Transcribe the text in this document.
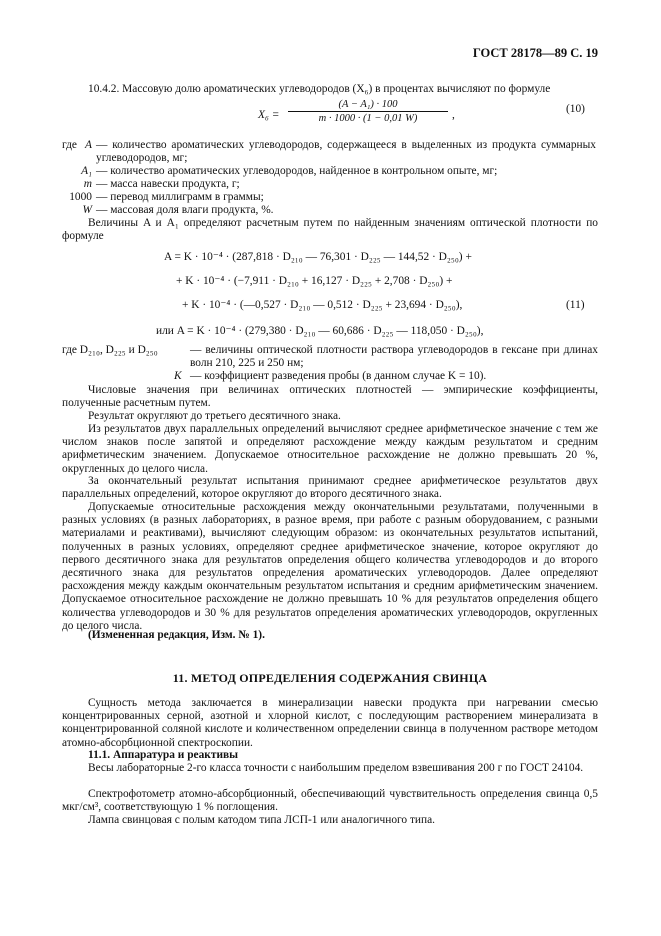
ГОСТ 28178—89 С. 19
10.4.2. Массовую долю ароматических углеводородов (X₆) в процентах вычисляют по формуле
X₆ =
(A − A₁) · 100
m · 1000 · (1 − 0,01 W)	,	(10)
где A — количество ароматических углеводородов, содержащееся в выделенных из продукта суммарных углеводородов, мг;
A₁ — количество ароматических углеводородов, найденное в контрольном опыте, мг;
m — масса навески продукта, г;
1000 — перевод миллиграмм в граммы;
W — массовая доля влаги продукта, %.
Величины A и A₁ определяют расчетным путем по найденным значениям оптической плотности по формуле
A = K · 10⁻⁴ · (287,818 · D₂₁₀ — 76,301 · D₂₂₅ — 144,52 · D₂₅₀) +
+ K · 10⁻⁴ · (−7,911 · D₂₁₀ + 16,127 · D₂₂₅ + 2,708 · D₂₅₀) +
+ K · 10⁻⁴ · (—0,527 · D₂₁₀ — 0,512 · D₂₂₅ + 23,694 · D₂₅₀),	(11)
или A = K · 10⁻⁴ · (279,380 · D₂₁₀ — 60,686 · D₂₂₅ — 118,050 · D₂₅₀),
где D₂₁₀, D₂₂₅ и D₂₅₀	— величины оптической плотности раствора углеводородов в гексане при длинах волн 210, 225 и 250 нм;
K — коэффициент разведения пробы (в данном случае K = 10).
Числовые значения при величинах оптических плотностей — эмпирические коэффициенты, полученные расчетным путем.
Результат округляют до третьего десятичного знака.
Из результатов двух параллельных определений вычисляют среднее арифметическое значение с тем же числом знаков после запятой и определяют расхождение между каждым результатом и средним арифметическим значением. Допускаемое относительное расхождение не должно превышать 20 %, округленных до целого числа.
За окончательный результат испытания принимают среднее арифметическое результатов двух параллельных определений, которое округляют до второго десятичного знака.
Допускаемые относительные расхождения между окончательными результатами, полученными в разных условиях (в разных лабораториях, в разное время, при работе с разным оборудованием, с разными материалами и реактивами), вычисляют следующим образом: из окончательных результатов испытаний, полученных в разных условиях, определяют среднее арифметическое значение, которое округляют до первого десятичного знака для результатов определения общего количества углеводородов и до второго десятичного знака для результатов определения ароматических углеводородов. Далее определяют расхождения между каждым окончательным результатом испытания и средним арифметическим значением. Допускаемое относительное расхождение не должно превышать 10 % для результатов определения общего количества углеводородов и 30 % для результатов определения ароматических углеводородов, округленных до целого числа.
(Измененная редакция, Изм. № 1).
11. МЕТОД ОПРЕДЕЛЕНИЯ СОДЕРЖАНИЯ СВИНЦА
Сущность метода заключается в минерализации навески продукта при нагревании смесью концентрированных серной, азотной и хлорной кислот, с последующим растворением минерализата в концентрированной соляной кислоте и количественном определении свинца в полученном растворе методом атомно-абсорбционной спектроскопии.
11.1. Аппаратура и реактивы
Весы лабораторные 2-го класса точности с наибольшим пределом взвешивания 200 г по ГОСТ 24104.
Спектрофотометр атомно-абсорбционный, обеспечивающий чувствительность определения свинца 0,5 мкг/см³, соответствующую 1 % поглощения.
Лампа свинцовая с полым катодом типа ЛСП-1 или аналогичного типа.
